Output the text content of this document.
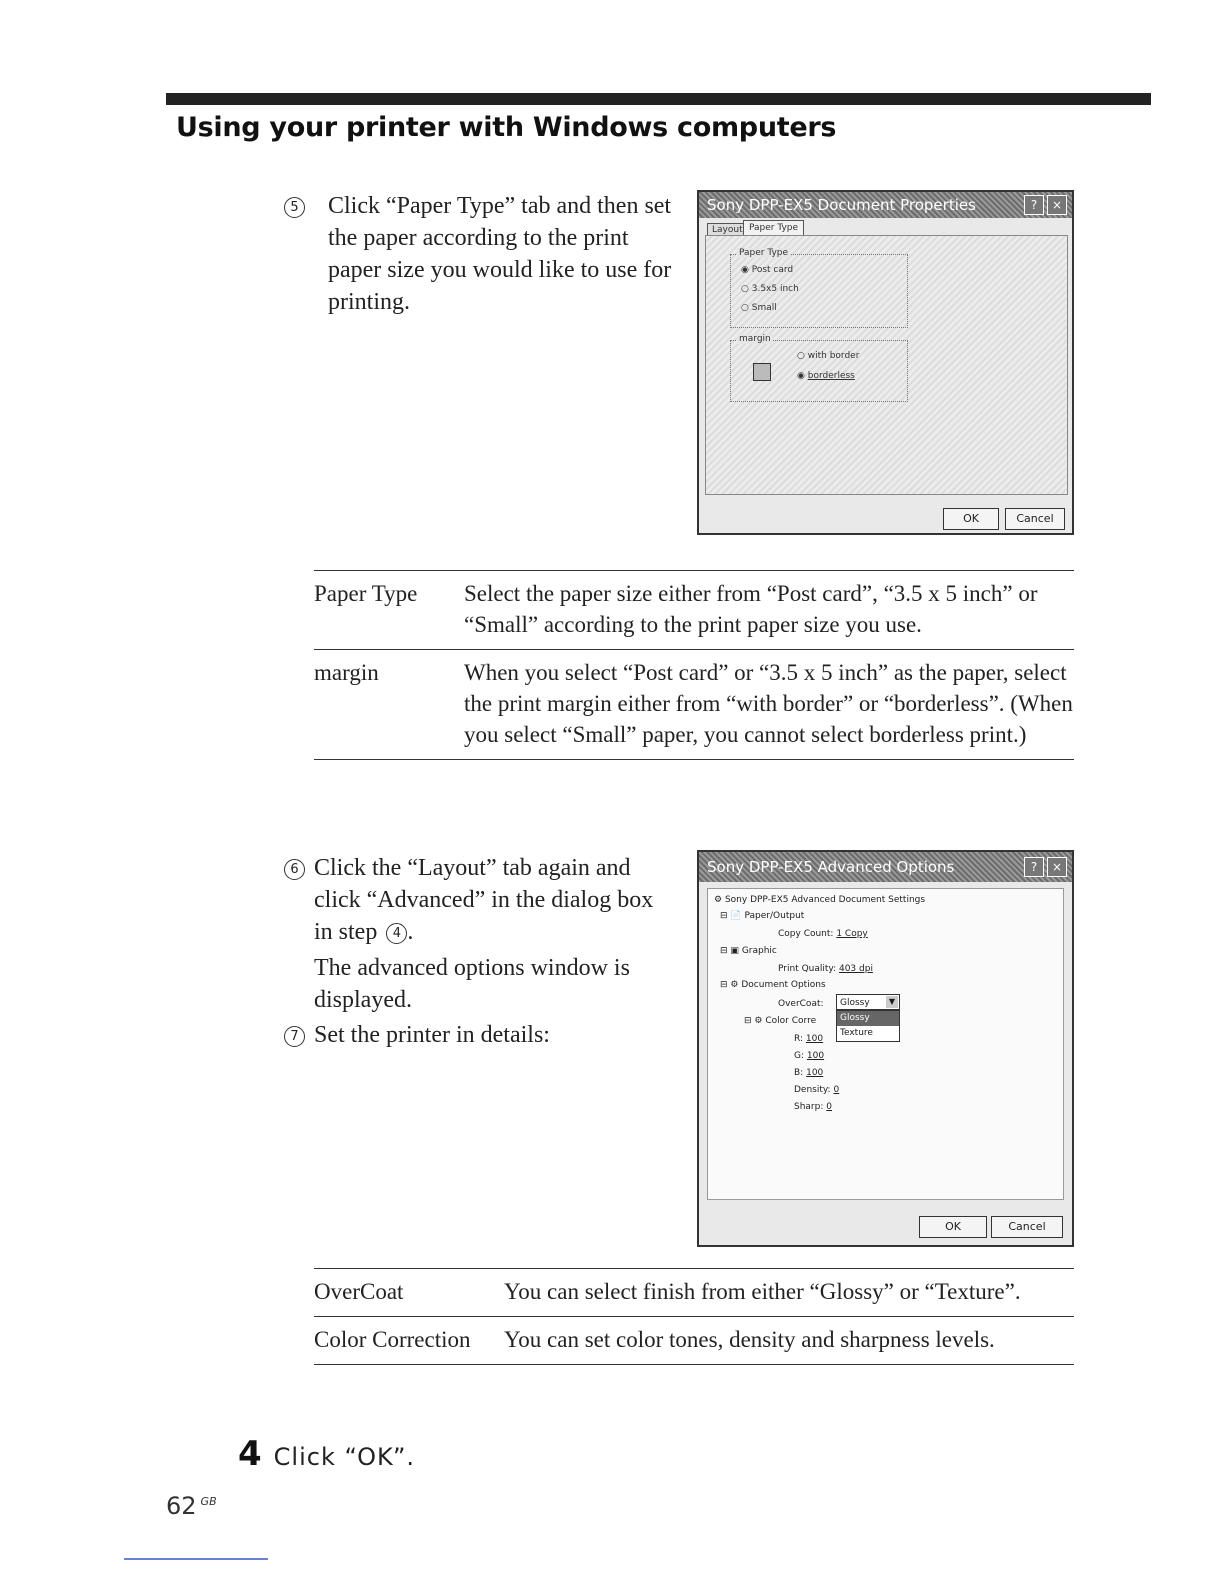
Using your printer with Windows computers
5	Click “Paper Type” tab and then set the paper according to the print paper size you would like to use for printing.
Sony DPP-EX5 Document Properties	?	×
Layout Paper Type
Paper Type
◉ Post card
○ 3.5x5 inch
○ Small
margin
○ with border
◉ borderless
OK	Cancel
Paper Type	Select the paper size either from “Post card”, “3.5 x 5 inch” or “Small” according to the print paper size you use.
margin	When you select “Post card” or “3.5 x 5 inch” as the paper, select the print margin either from “with border” or “borderless”. (When you select “Small” paper, you cannot select borderless print.)
6 Click the “Layout” tab again and click “Advanced” in the dialog box in step 4 .
The advanced options window is displayed.
7 Set the printer in details:
Sony DPP-EX5 Advanced Options	?	×
⚙ Sony DPP-EX5 Advanced Document Settings
⊟ 📄 Paper/Output
Copy Count: 1 Copy
⊟ ▣ Graphic
Print Quality: 403 dpi
⊟ ⚙ Document Options
OverCoat:	Glossy	▼
Glossy
Texture
⊟ ⚙ Color Corre
R: 100
G: 100
B: 100
Density: 0
Sharp: 0
OK	Cancel
OverCoat	You can select finish from either “Glossy” or “Texture”.
Color Correction	You can set color tones, density and sharpness levels.
4 Click “OK”.
62 $^{GB}$
